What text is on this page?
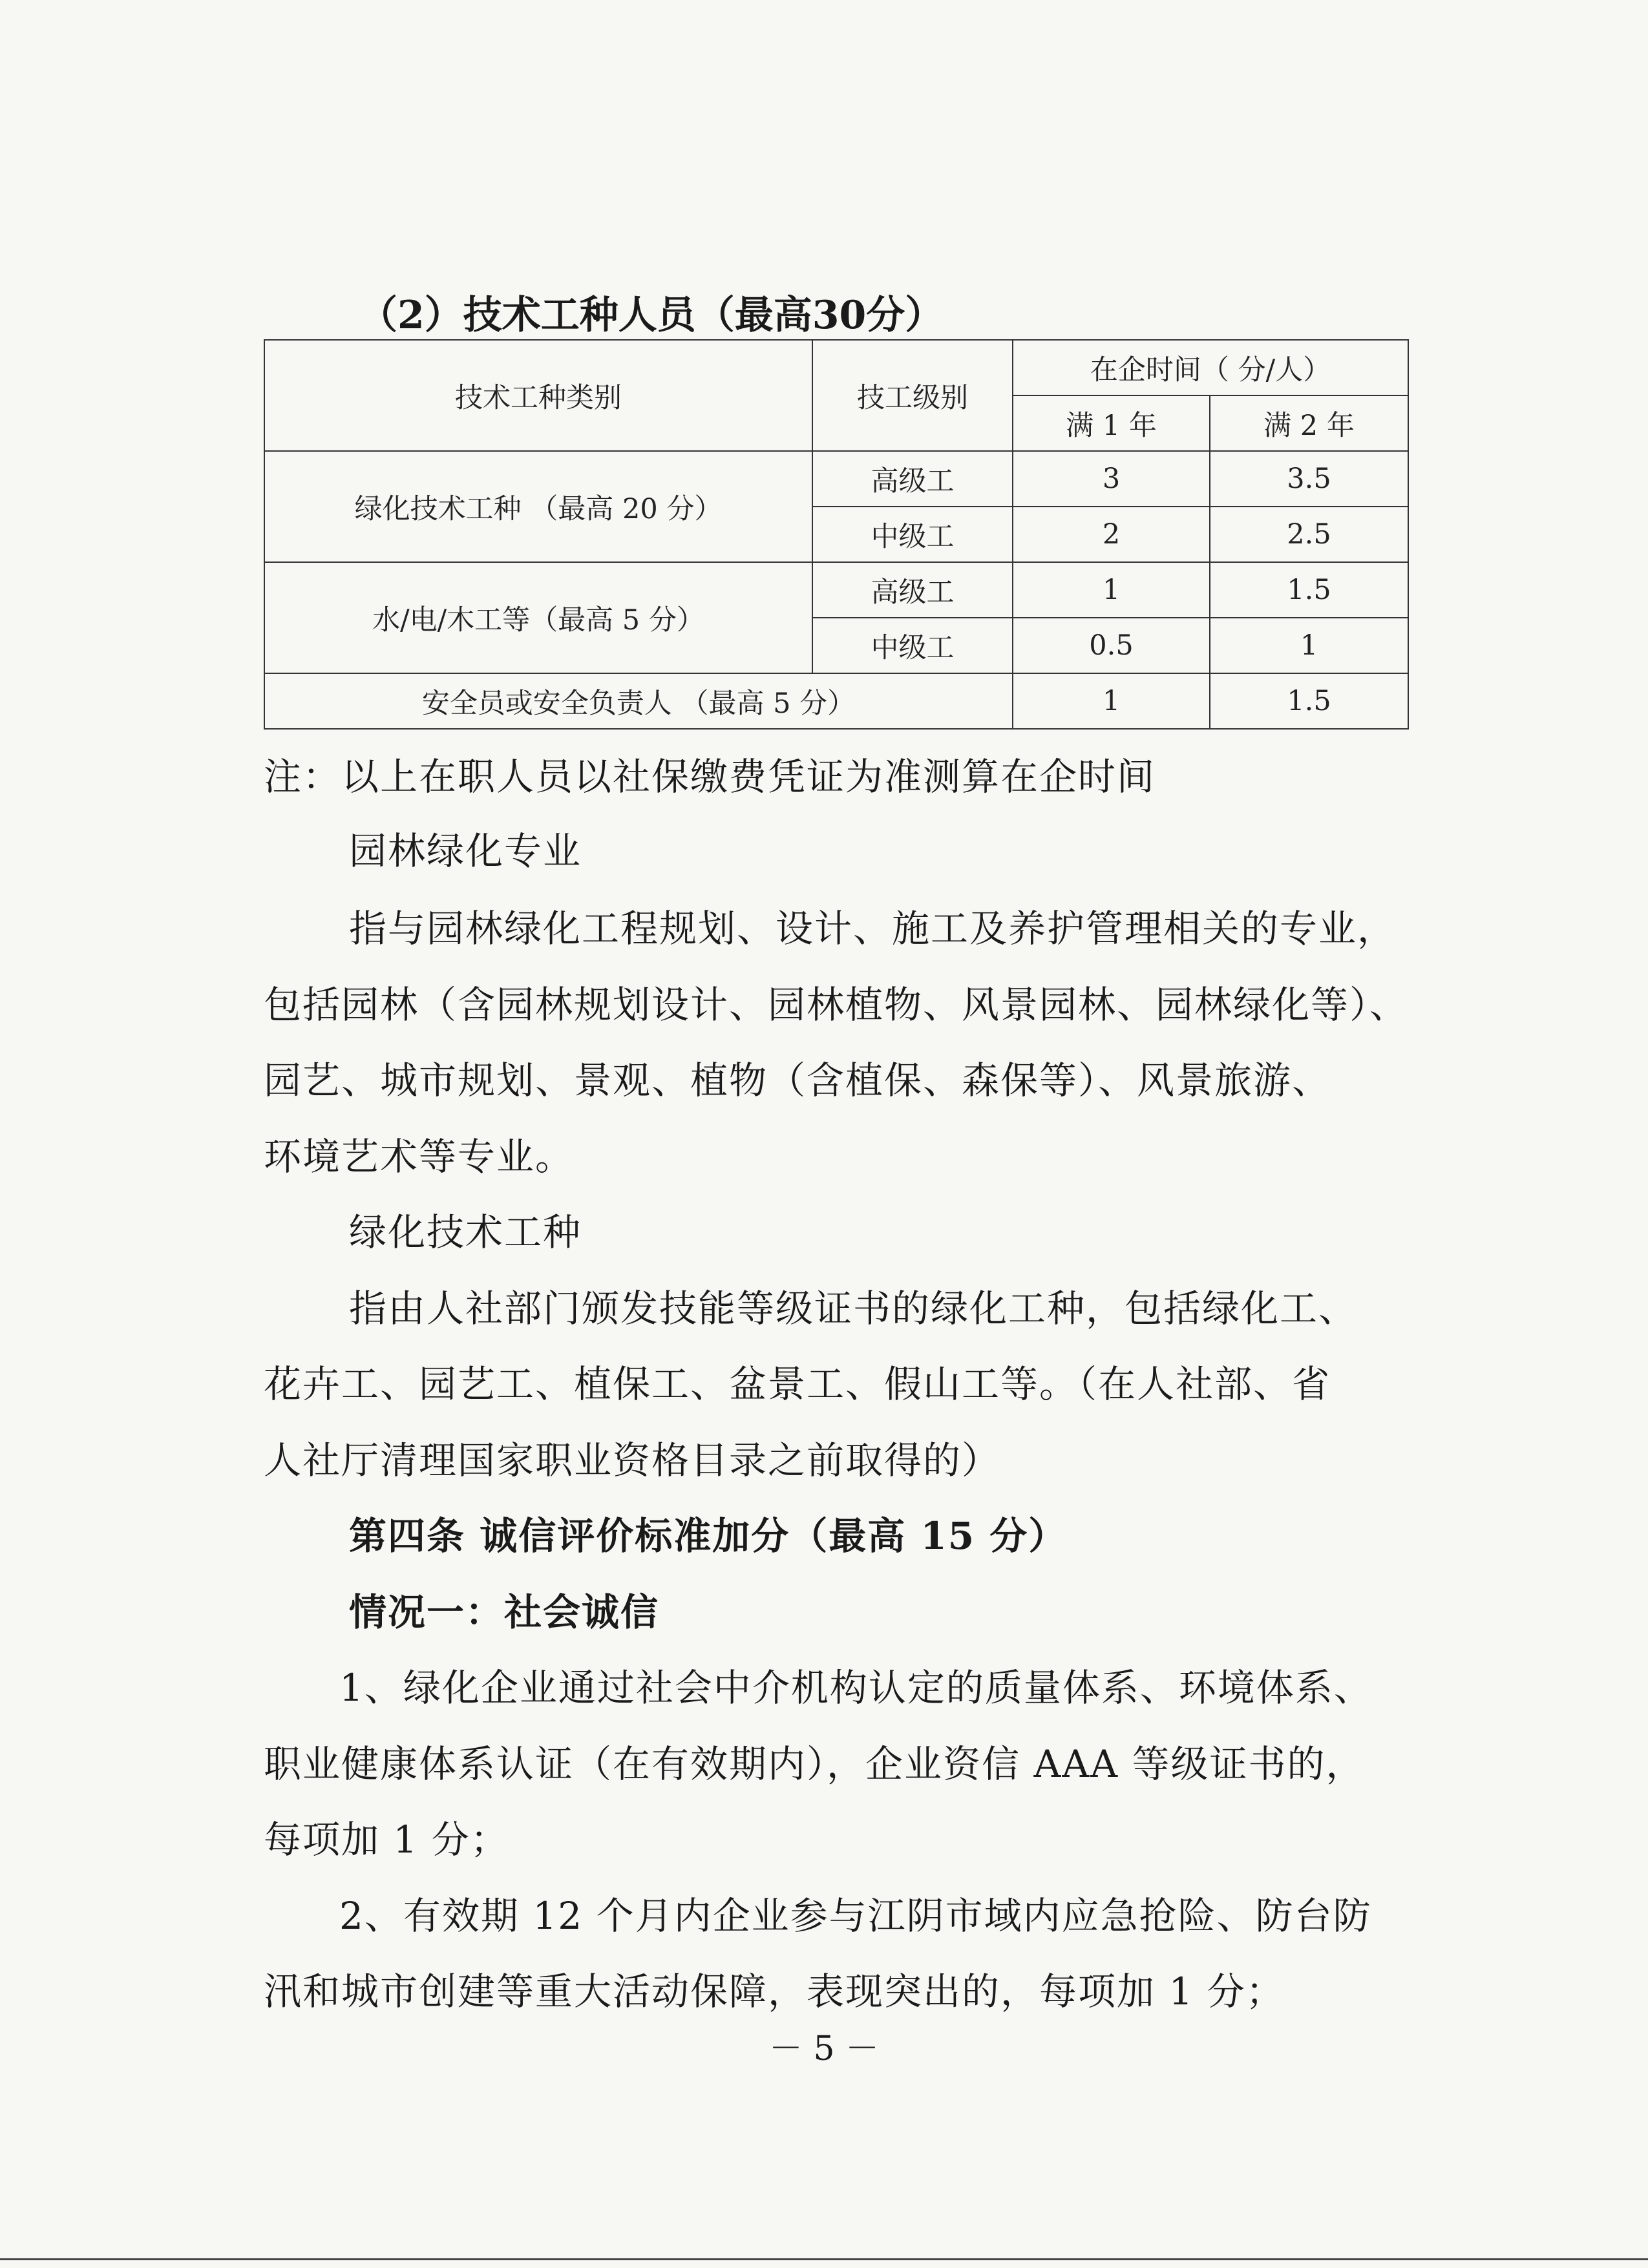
（2）技术工种人员（最高30分）
技术工种类别	技工级别	在企时间（ 分/人）	
		满 1 年	满 2 年
绿化技术工种 （最高 20 分）	高级工	3	3.5
	中级工	2	2.5
水/电/木工等（最高 5 分）	高级工	1	1.5
	中级工	0.5	1
安全员或安全负责人 （最高 5 分）		1	1.5
注：以上在职人员以社保缴费凭证为准测算在企时间
园林绿化专业
指与园林绿化工程规划、设计、施工及养护管理相关的专业，
包括园林（含园林规划设计、园林植物、风景园林、园林绿化等）、
园艺、城市规划、景观、植物（含植保、森保等）、风景旅游、
环境艺术等专业。
绿化技术工种
指由人社部门颁发技能等级证书的绿化工种，包括绿化工、
花卉工、园艺工、植保工、盆景工、假山工等。（在人社部、省
人社厅清理国家职业资格目录之前取得的）
第四条 诚信评价标准加分（最高 15 分）
情况一：社会诚信
1、绿化企业通过社会中介机构认定的质量体系、环境体系、
职业健康体系认证（在有效期内），企业资信 AAA 等级证书的，
每项加 1 分；
2、有效期 12 个月内企业参与江阴市域内应急抢险、防台防
汛和城市创建等重大活动保障，表现突出的，每项加 1 分；
－ 5 －
